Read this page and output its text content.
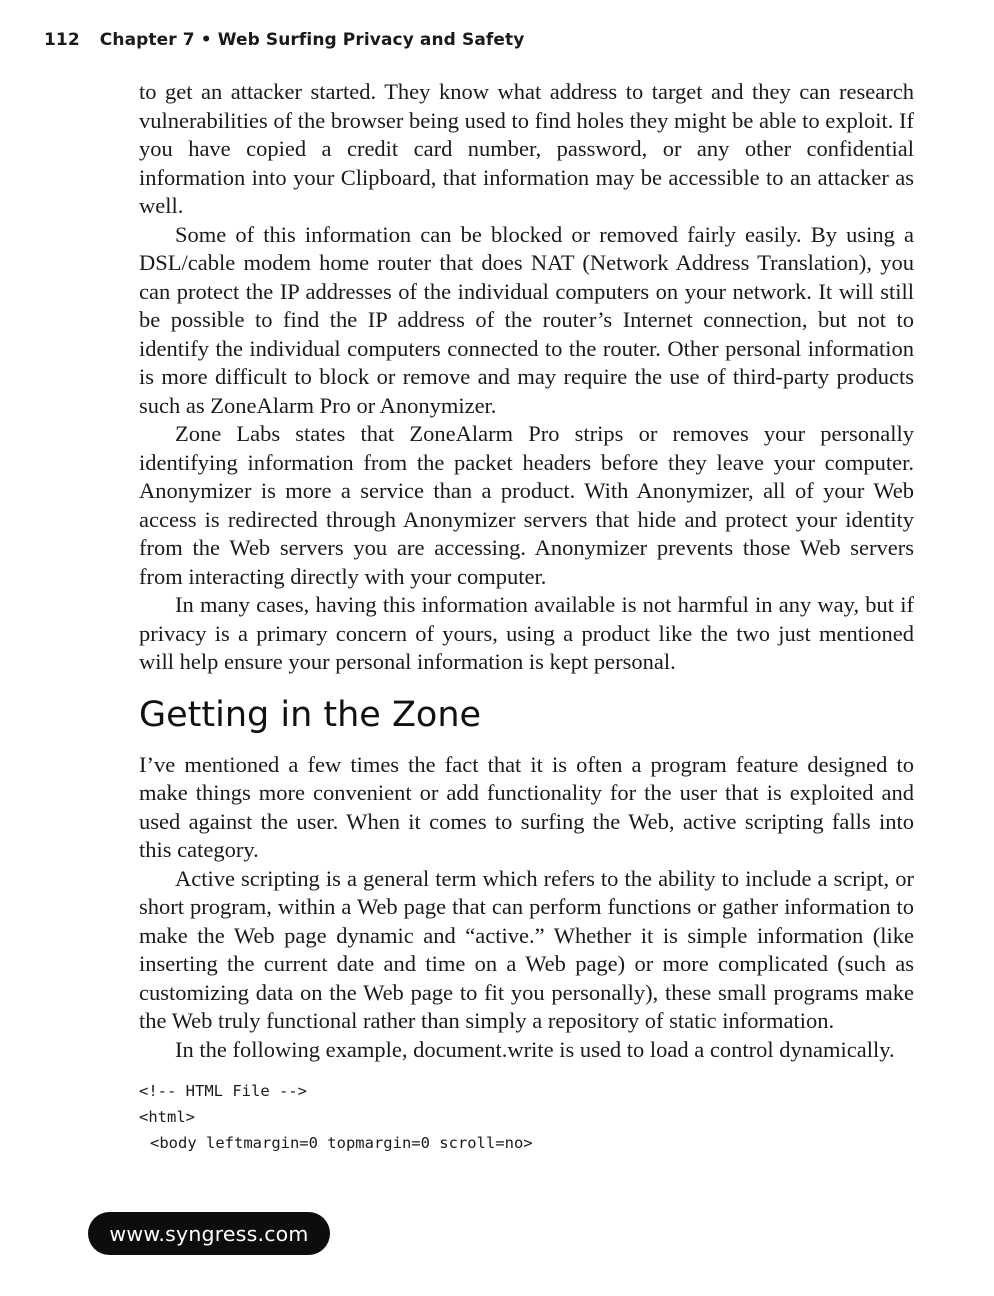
112 Chapter 7 • Web Surfing Privacy and Safety

to get an attacker started. They know what address to target and they can research vulnerabilities of the browser being used to find holes they might be able to exploit. If you have copied a credit card number, password, or any other confidential information into your Clipboard, that information may be accessible to an attacker as well.

Some of this information can be blocked or removed fairly easily. By using a DSL/cable modem home router that does NAT (Network Address Translation), you can protect the IP addresses of the individual computers on your network. It will still be possible to find the IP address of the router’s Internet connection, but not to identify the individual computers connected to the router. Other personal information is more difficult to block or remove and may require the use of third-party products such as ZoneAlarm Pro or Anonymizer.

Zone Labs states that ZoneAlarm Pro strips or removes your personally identifying information from the packet headers before they leave your computer. Anonymizer is more a service than a product. With Anonymizer, all of your Web access is redirected through Anonymizer servers that hide and protect your identity from the Web servers you are accessing. Anonymizer prevents those Web servers from interacting directly with your computer.

In many cases, having this information available is not harmful in any way, but if privacy is a primary concern of yours, using a product like the two just mentioned will help ensure your personal information is kept personal.

Getting in the Zone

I’ve mentioned a few times the fact that it is often a program feature designed to make things more convenient or add functionality for the user that is exploited and used against the user. When it comes to surfing the Web, active scripting falls into this category.

Active scripting is a general term which refers to the ability to include a script, or short program, within a Web page that can perform functions or gather information to make the Web page dynamic and “active.” Whether it is simple information (like inserting the current date and time on a Web page) or more complicated (such as customizing data on the Web page to fit you personally), these small programs make the Web truly functional rather than simply a repository of static information.

In the following example, document.write is used to load a control dynamically.

<!-- HTML File -->
<html>
<body leftmargin=0 topmargin=0 scroll=no>
www.syngress.com
